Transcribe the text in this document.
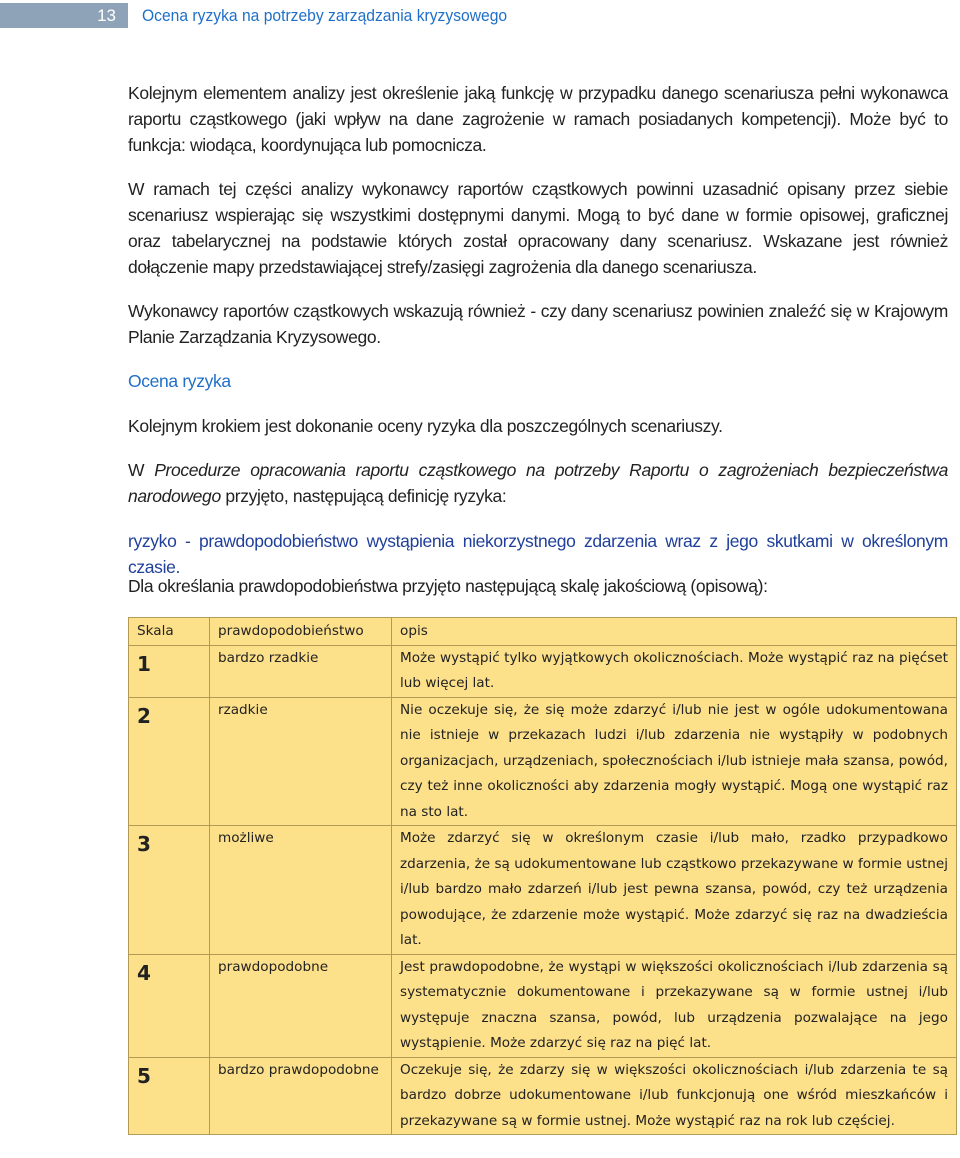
13	Ocena ryzyka na potrzeby zarządzania kryzysowego

Kolejnym elementem analizy jest określenie jaką funkcję w przypadku danego scenariusza pełni wykonawca raportu cząstkowego (jaki wpływ na dane zagrożenie w ramach posiadanych kompetencji). Może być to funkcja: wiodąca, koordynująca lub pomocnicza.

W ramach tej części analizy wykonawcy raportów cząstkowych powinni uzasadnić opisany przez siebie scenariusz wspierając się wszystkimi dostępnymi danymi. Mogą to być dane w formie opisowej, graficznej oraz tabelarycznej na podstawie których został opracowany dany scenariusz. Wskazane jest również dołączenie mapy przedstawiającej strefy/zasięgi zagrożenia dla danego scenariusza.

Wykonawcy raportów cząstkowych wskazują również - czy dany scenariusz powinien znaleźć się w Krajowym Planie Zarządzania Kryzysowego.

Ocena ryzyka

Kolejnym krokiem jest dokonanie oceny ryzyka dla poszczególnych scenariuszy.

W Procedurze opracowania raportu cząstkowego na potrzeby Raportu o zagrożeniach bezpieczeństwa narodowego przyjęto, następującą definicję ryzyka:

ryzyko - prawdopodobieństwo wystąpienia niekorzystnego zdarzenia wraz z jego skutkami w określonym czasie.

Dla określania prawdopodobieństwa przyjęto następującą skalę jakościową (opisową):

Skala	prawdopodobieństwo	opis

1	bardzo rzadkie	Może wystąpić tylko wyjątkowych okolicznościach. Może wystąpić raz na pięćset lub więcej lat.

2	rzadkie	Nie oczekuje się, że się może zdarzyć i/lub nie jest w ogóle udokumentowana nie istnieje w przekazach ludzi i/lub zdarzenia nie wystąpiły w podobnych organizacjach, urządzeniach, społecznościach i/lub istnieje mała szansa, powód, czy też inne okoliczności aby zdarzenia mogły wystąpić. Mogą one wystąpić raz na sto lat.

3	możliwe	Może zdarzyć się w określonym czasie i/lub mało, rzadko przypadkowo zdarzenia, że są udokumentowane lub cząstkowo przekazywane w formie ustnej i/lub bardzo mało zdarzeń i/lub jest pewna szansa, powód, czy też urządzenia powodujące, że zdarzenie może wystąpić. Może zdarzyć się raz na dwadzieścia lat.

4	prawdopodobne	Jest prawdopodobne, że wystąpi w większości okolicznościach i/lub zdarzenia są systematycznie dokumentowane i przekazywane są w formie ustnej i/lub występuje znaczna szansa, powód, lub urządzenia pozwalające na jego wystąpienie. Może zdarzyć się raz na pięć lat.

5	bardzo prawdopodobne	Oczekuje się, że zdarzy się w większości okolicznościach i/lub zdarzenia te są bardzo dobrze udokumentowane i/lub funkcjonują one wśród mieszkańców i przekazywane są w formie ustnej. Może wystąpić raz na rok lub częściej.
